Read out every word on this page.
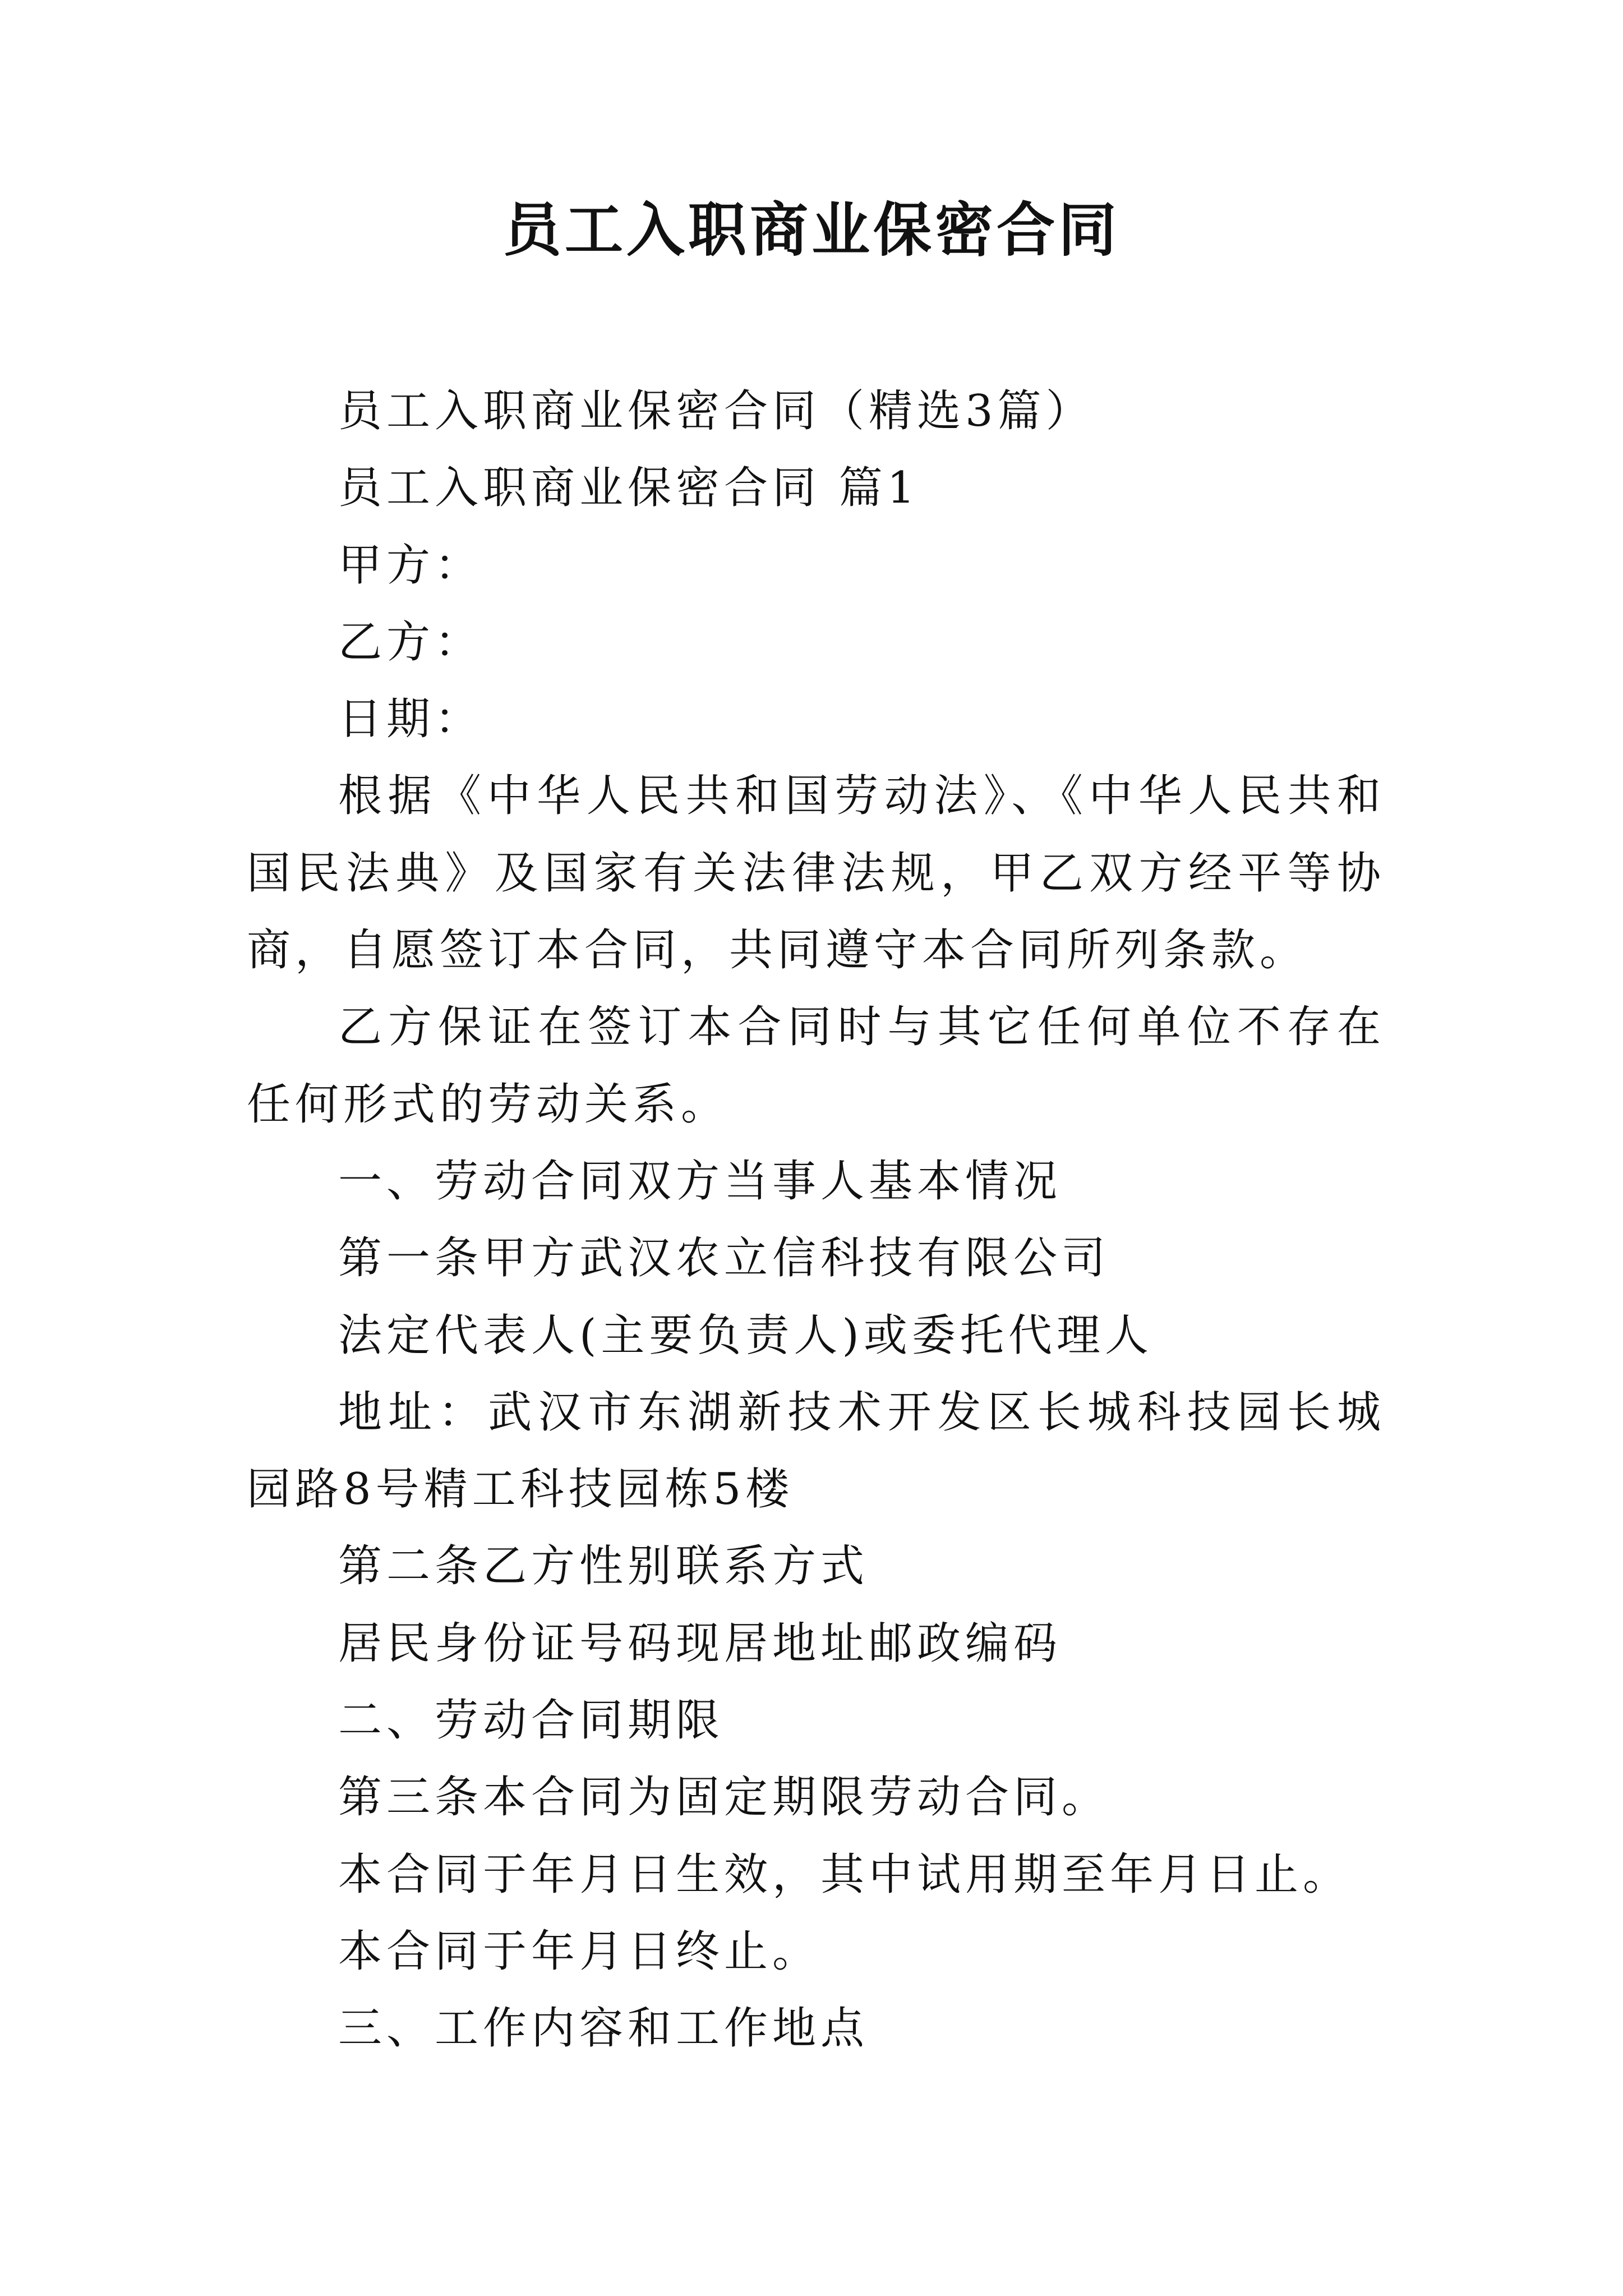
员工入职商业保密合同

员工入职商业保密合同（精选3篇）

员工入职商业保密合同 篇1

甲方：

乙方：

日期：

根据《中华人民共和国劳动法》、《中华人民共和国民法典》及国家有关法律法规，甲乙双方经平等协商，自愿签订本合同，共同遵守本合同所列条款。

乙方保证在签订本合同时与其它任何单位不存在任何形式的劳动关系。

一、劳动合同双方当事人基本情况

第一条甲方武汉农立信科技有限公司

法定代表人(主要负责人)或委托代理人

地址：武汉市东湖新技术开发区长城科技园长城园路8号精工科技园栋5楼

第二条乙方性别联系方式

居民身份证号码现居地址邮政编码

二、劳动合同期限

第三条本合同为固定期限劳动合同。

本合同于年月日生效，其中试用期至年月日止。

本合同于年月日终止。

三、工作内容和工作地点
